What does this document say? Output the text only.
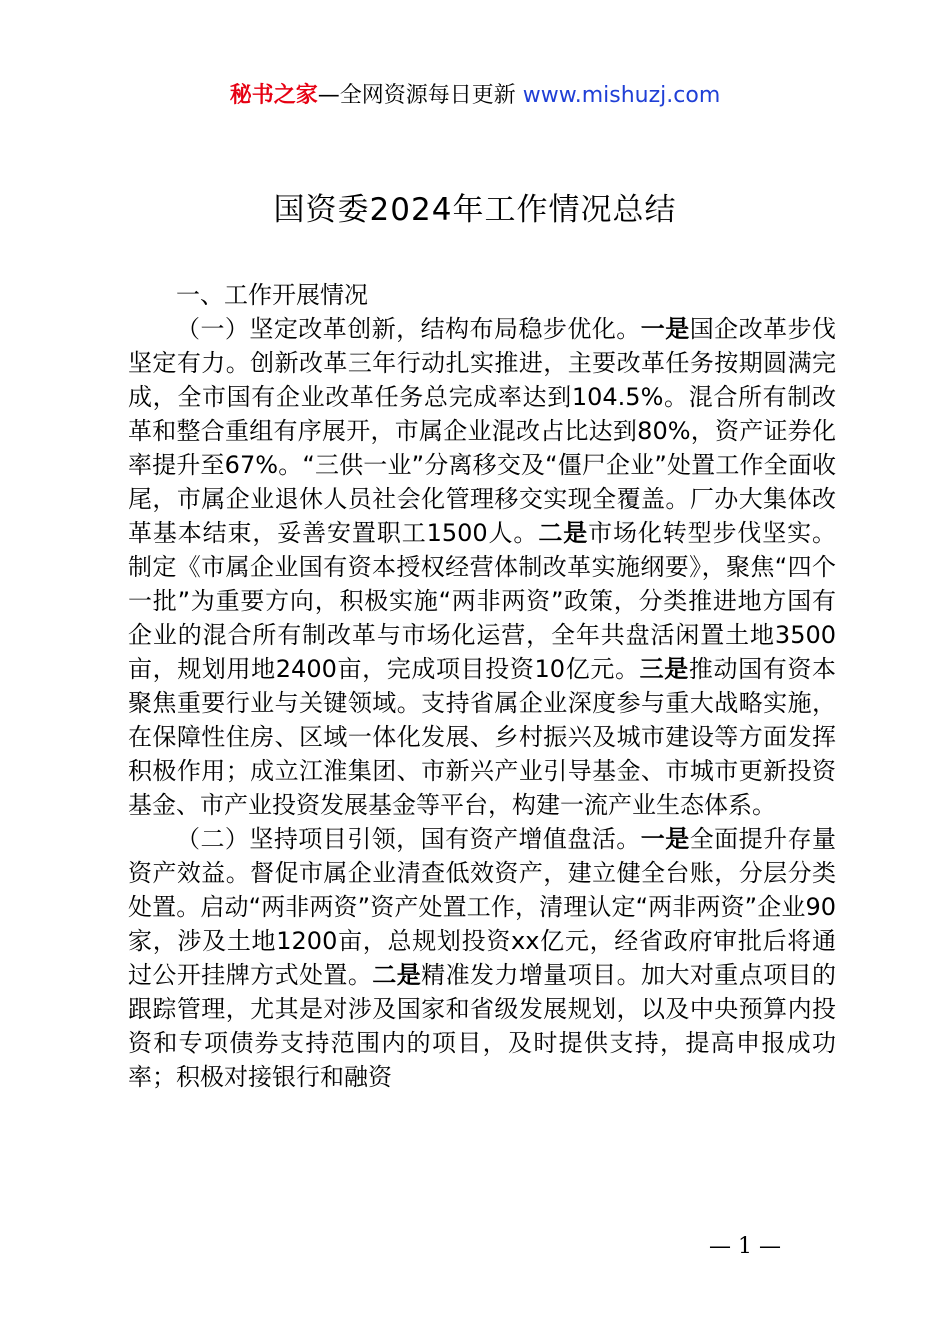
秘书之家—全网资源每日更新 www.mishuzj.com
国资委2024年工作情况总结

一、工作开展情况

（一）坚定改革创新，结构布局稳步优化。一是国企改革步伐坚定有力。创新改革三年行动扎实推进，主要改革任务按期圆满完成，全市国有企业改革任务总完成率达到104.5%。混合所有制改革和整合重组有序展开，市属企业混改占比达到80%，资产证券化率提升至67%。“三供一业”分离移交及“僵尸企业”处置工作全面收尾，市属企业退休人员社会化管理移交实现全覆盖。厂办大集体改革基本结束，妥善安置职工1500人。二是市场化转型步伐坚实。制定《市属企业国有资本授权经营体制改革实施纲要》，聚焦“四个一批”为重要方向，积极实施“两非两资”政策，分类推进地方国有企业的混合所有制改革与市场化运营，全年共盘活闲置土地3500亩，规划用地2400亩，完成项目投资10亿元。三是推动国有资本聚焦重要行业与关键领域。支持省属企业深度参与重大战略实施，在保障性住房、区域一体化发展、乡村振兴及城市建设等方面发挥积极作用；成立江淮集团、市新兴产业引导基金、市城市更新投资基金、市产业投资发展基金等平台，构建一流产业生态体系。

（二）坚持项目引领，国有资产增值盘活。一是全面提升存量资产效益。督促市属企业清查低效资产，建立健全台账，分层分类处置。启动“两非两资”资产处置工作，清理认定“两非两资”企业90家，涉及土地1200亩，总规划投资xx亿元，经省政府审批后将通过公开挂牌方式处置。二是精准发力增量项目。加大对重点项目的跟踪管理，尤其是对涉及国家和省级发展规划，以及中央预算内投资和专项债券支持范围内的项目，及时提供支持，提高申报成功率；积极对接银行和融资

— 1 —
